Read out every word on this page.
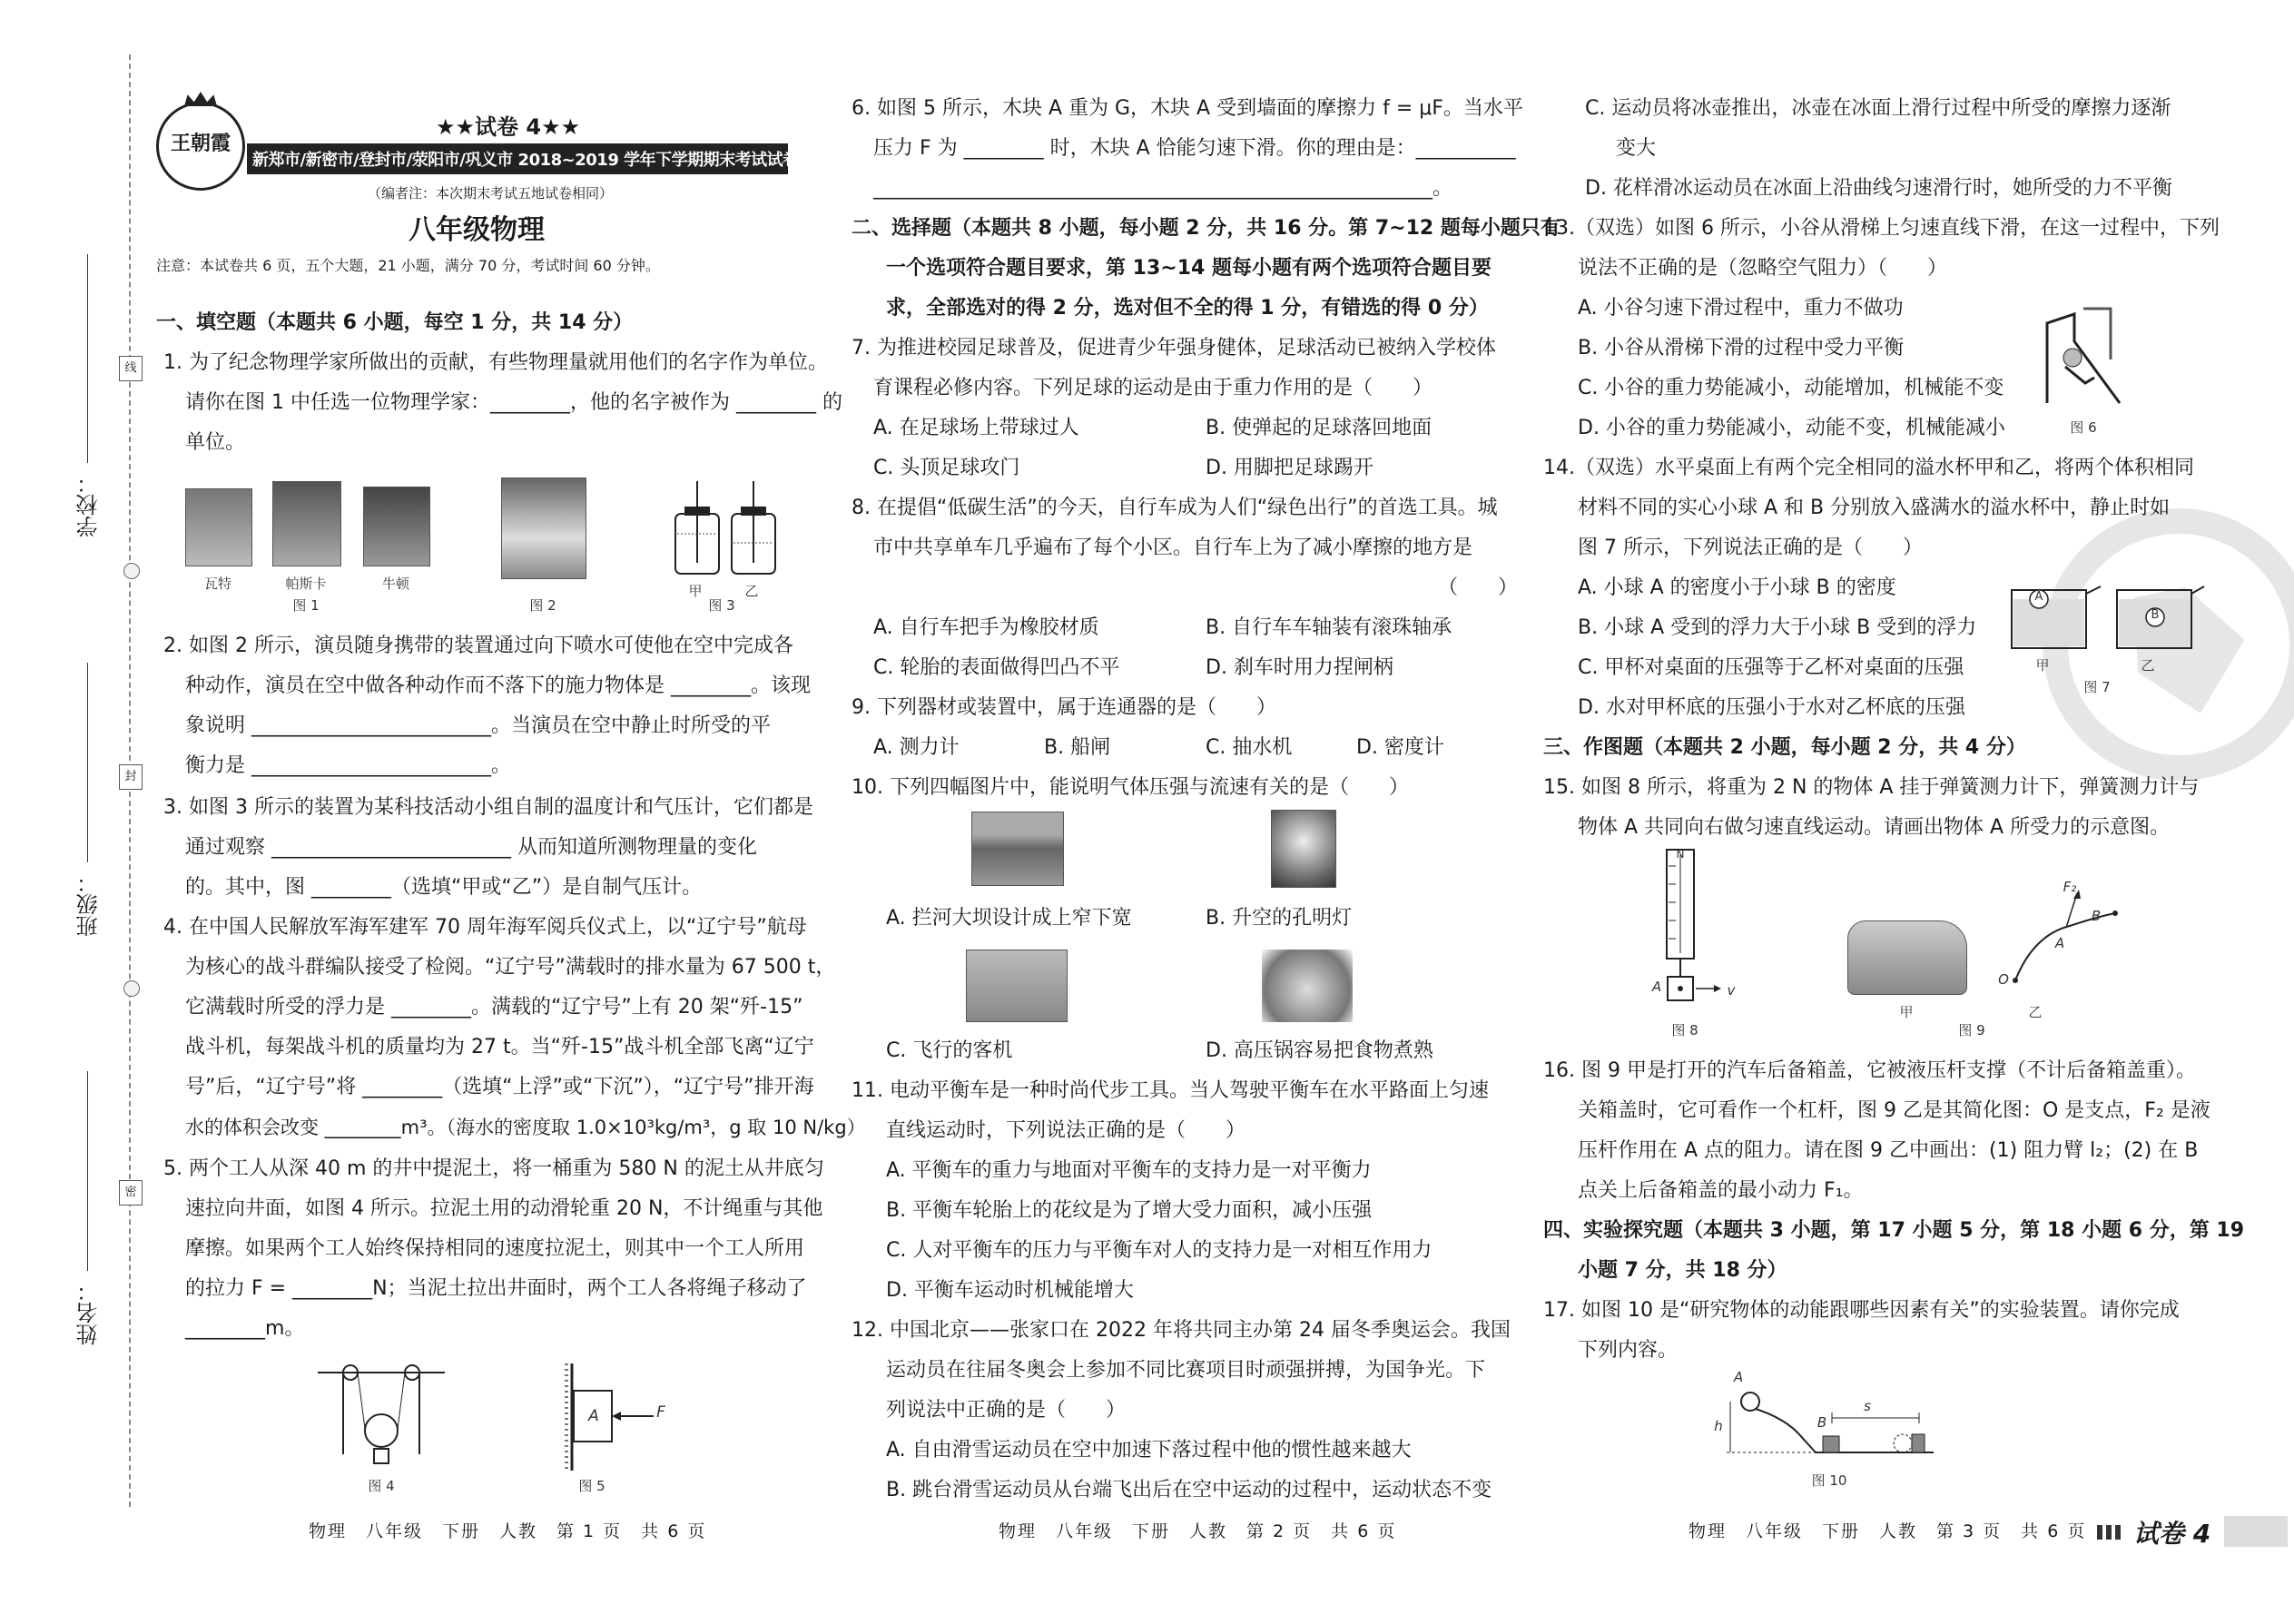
线
封
密
学校：
班级：
姓名：
王朝霞
★★试卷 4★★
新郑市/新密市/登封市/荥阳市/巩义市 2018~2019 学年下学期期末考试试卷
（编者注：本次期末考试五地试卷相同）
八年级物理
注意：本试卷共 6 页，五个大题，21 小题，满分 70 分，考试时间 60 分钟。
一、填空题（本题共 6 小题，每空 1 分，共 14 分）
1. 为了纪念物理学家所做出的贡献，有些物理量就用他们的名字作为单位。
请你在图 1 中任选一位物理学家：________，他的名字被作为 ________ 的
单位。
瓦特	帕斯卡	牛顿
图 1	图 2
甲	乙
图 3
2. 如图 2 所示，演员随身携带的装置通过向下喷水可使他在空中完成各
种动作，演员在空中做各种动作而不落下的施力物体是 ________。该现
象说明 ________________________。当演员在空中静止时所受的平
衡力是 ________________________。
3. 如图 3 所示的装置为某科技活动小组自制的温度计和气压计，它们都是
通过观察 ________________________ 从而知道所测物理量的变化
的。其中，图 ________（选填“甲或“乙”）是自制气压计。
4. 在中国人民解放军海军建军 70 周年海军阅兵仪式上，以“辽宁号”航母
为核心的战斗群编队接受了检阅。“辽宁号”满载时的排水量为 67 500 t，
它满载时所受的浮力是 ________。满载的“辽宁号”上有 20 架“歼-15”
战斗机，每架战斗机的质量均为 27 t。当“歼-15”战斗机全部飞离“辽宁
号”后，“辽宁号”将 ________（选填“上浮”或“下沉”），“辽宁号”排开海
水的体积会改变 ________m³。（海水的密度取 1.0×10³kg/m³，g 取 10 N/kg）
5. 两个工人从深 40 m 的井中提泥土，将一桶重为 580 N 的泥土从井底匀
速拉向井面，如图 4 所示。拉泥土用的动滑轮重 20 N，不计绳重与其他
摩擦。如果两个工人始终保持相同的速度拉泥土，则其中一个工人所用
的拉力 F = ________N；当泥土拉出井面时，两个工人各将绳子移动了
________m。
图 4
A	F
图 5
物理　八年级　下册　人教　第 1 页　共 6 页
6. 如图 5 所示，木块 A 重为 G，木块 A 受到墙面的摩擦力 f = μF。当水平
压力 F 为 ________ 时，木块 A 恰能匀速下滑。你的理由是：__________
________________________________________________________。
二、选择题（本题共 8 小题，每小题 2 分，共 16 分。第 7~12 题每小题只有
一个选项符合题目要求，第 13~14 题每小题有两个选项符合题目要
求，全部选对的得 2 分，选对但不全的得 1 分，有错选的得 0 分）
7. 为推进校园足球普及，促进青少年强身健体，足球活动已被纳入学校体
育课程必修内容。下列足球的运动是由于重力作用的是（　　）
A. 在足球场上带球过人	B. 使弹起的足球落回地面
C. 头顶足球攻门	D. 用脚把足球踢开
8. 在提倡“低碳生活”的今天，自行车成为人们“绿色出行”的首选工具。城
市中共享单车几乎遍布了每个小区。自行车上为了减小摩擦的地方是
（　　）
A. 自行车把手为橡胶材质	B. 自行车车轴装有滚珠轴承
C. 轮胎的表面做得凹凸不平	D. 刹车时用力捏闸柄
9. 下列器材或装置中，属于连通器的是（　　）
A. 测力计	B. 船闸	C. 抽水机	D. 密度计
10. 下列四幅图片中，能说明气体压强与流速有关的是（　　）
A. 拦河大坝设计成上窄下宽	B. 升空的孔明灯
C. 飞行的客机	D. 高压锅容易把食物煮熟
11. 电动平衡车是一种时尚代步工具。当人驾驶平衡车在水平路面上匀速
直线运动时，下列说法正确的是（　　）
A. 平衡车的重力与地面对平衡车的支持力是一对平衡力
B. 平衡车轮胎上的花纹是为了增大受力面积，减小压强
C. 人对平衡车的压力与平衡车对人的支持力是一对相互作用力
D. 平衡车运动时机械能增大
12. 中国北京——张家口在 2022 年将共同主办第 24 届冬季奥运会。我国
运动员在往届冬奥会上参加不同比赛项目时顽强拼搏，为国争光。下
列说法中正确的是（　　）
A. 自由滑雪运动员在空中加速下落过程中他的惯性越来越大
B. 跳台滑雪运动员从台端飞出后在空中运动的过程中，运动状态不变
物理　八年级　下册　人教　第 2 页　共 6 页
C. 运动员将冰壶推出，冰壶在冰面上滑行过程中所受的摩擦力逐渐
变大
D. 花样滑冰运动员在冰面上沿曲线匀速滑行时，她所受的力不平衡
13.（双选）如图 6 所示，小谷从滑梯上匀速直线下滑，在这一过程中，下列
说法不正确的是（忽略空气阻力）（　　）
A. 小谷匀速下滑过程中，重力不做功
B. 小谷从滑梯下滑的过程中受力平衡
C. 小谷的重力势能减小，动能增加，机械能不变
D. 小谷的重力势能减小，动能不变，机械能减小	图 6
14.（双选）水平桌面上有两个完全相同的溢水杯甲和乙，将两个体积相同
材料不同的实心小球 A 和 B 分别放入盛满水的溢水杯中，静止时如
图 7 所示，下列说法正确的是（　　）
A. 小球 A 的密度小于小球 B 的密度
B. 小球 A 受到的浮力大于小球 B 受到的浮力
C. 甲杯对桌面的压强等于乙杯对桌面的压强
D. 水对甲杯底的压强小于水对乙杯底的压强
A
B
甲	乙
图 7
三、作图题（本题共 2 小题，每小题 2 分，共 4 分）
15. 如图 8 所示，将重为 2 N 的物体 A 挂于弹簧测力计下，弹簧测力计与
物体 A 共同向右做匀速直线运动。请画出物体 A 所受力的示意图。
N
A	v
图 8
甲
O
A
B
F₂
乙
图 9
16. 图 9 甲是打开的汽车后备箱盖，它被液压杆支撑（不计后备箱盖重）。
关箱盖时，它可看作一个杠杆，图 9 乙是其简化图：O 是支点，F₂ 是液
压杆作用在 A 点的阻力。请在图 9 乙中画出：(1) 阻力臂 l₂；(2) 在 B
点关上后备箱盖的最小动力 F₁。
四、实验探究题（本题共 3 小题，第 17 小题 5 分，第 18 小题 6 分，第 19
小题 7 分，共 18 分）
17. 如图 10 是“研究物体的动能跟哪些因素有关”的实验装置。请你完成
下列内容。
A
h	B
s
图 10
物理　八年级　下册　人教　第 3 页　共 6 页 试卷 4
